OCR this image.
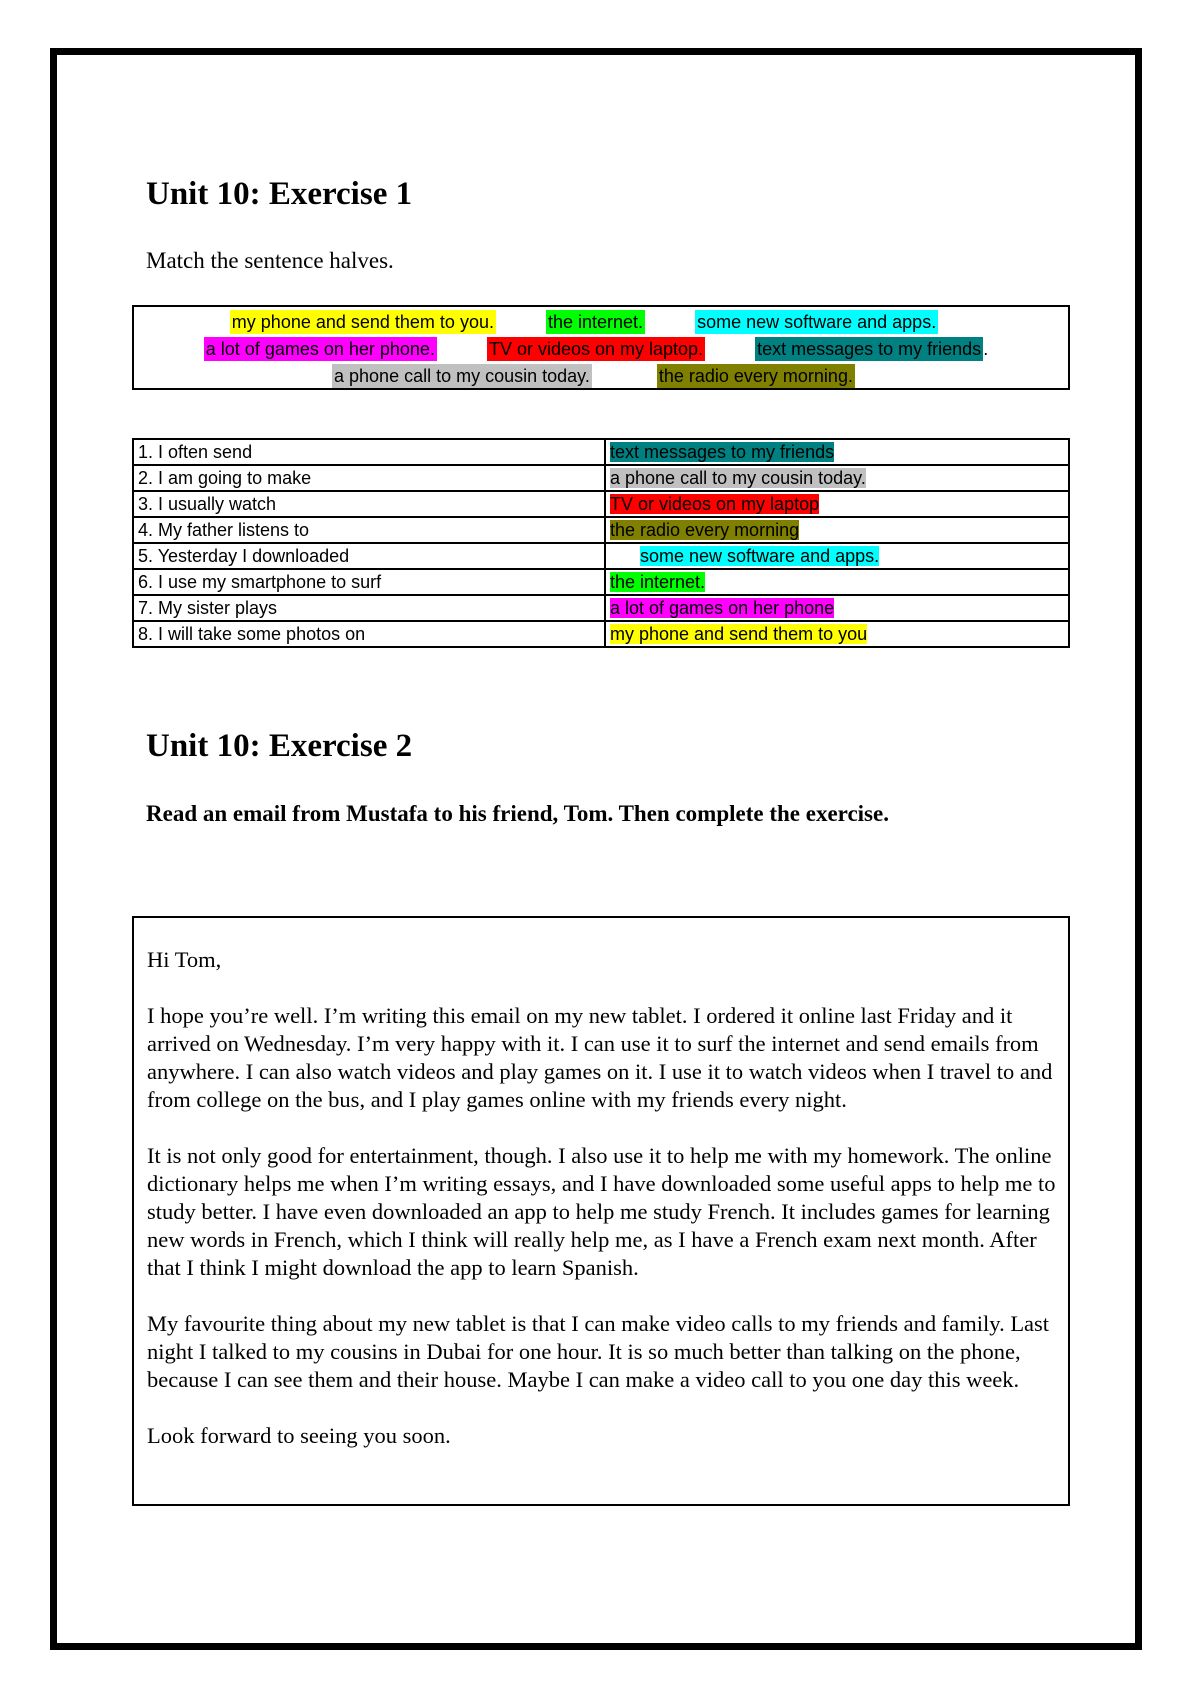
Unit 10: Exercise 1
Match the sentence halves.
my phone and send them to you.	the internet.	some new software and apps.
a lot of games on her phone.	TV or videos on my laptop.	text messages to my friends .
a phone call to my cousin today.	the radio every morning.
1. I often send	text messages to my friends
2. I am going to make	a phone call to my cousin today.
3. I usually watch	TV or videos on my laptop
4. My father listens to	the radio every morning
5. Yesterday I downloaded	some new software and apps.
6. I use my smartphone to surf	the internet.
7. My sister plays	a lot of games on her phone
8. I will take some photos on	my phone and send them to you
Unit 10: Exercise 2
Read an email from Mustafa to his friend, Tom. Then complete the exercise.

Hi Tom,

I hope you’re well. I’m writing this email on my new tablet. I ordered it online last Friday and it arrived on Wednesday. I’m very happy with it. I can use it to surf the internet and send emails from anywhere. I can also watch videos and play games on it. I use it to watch videos when I travel to and from college on the bus, and I play games online with my friends every night.

It is not only good for entertainment, though. I also use it to help me with my homework. The online dictionary helps me when I’m writing essays, and I have downloaded some useful apps to help me to study better. I have even downloaded an app to help me study French. It includes games for learning new words in French, which I think will really help me, as I have a French exam next month. After that I think I might download the app to learn Spanish.

My favourite thing about my new tablet is that I can make video calls to my friends and family. Last night I talked to my cousins in Dubai for one hour. It is so much better than talking on the phone, because I can see them and their house. Maybe I can make a video call to you one day this week.

Look forward to seeing you soon.
